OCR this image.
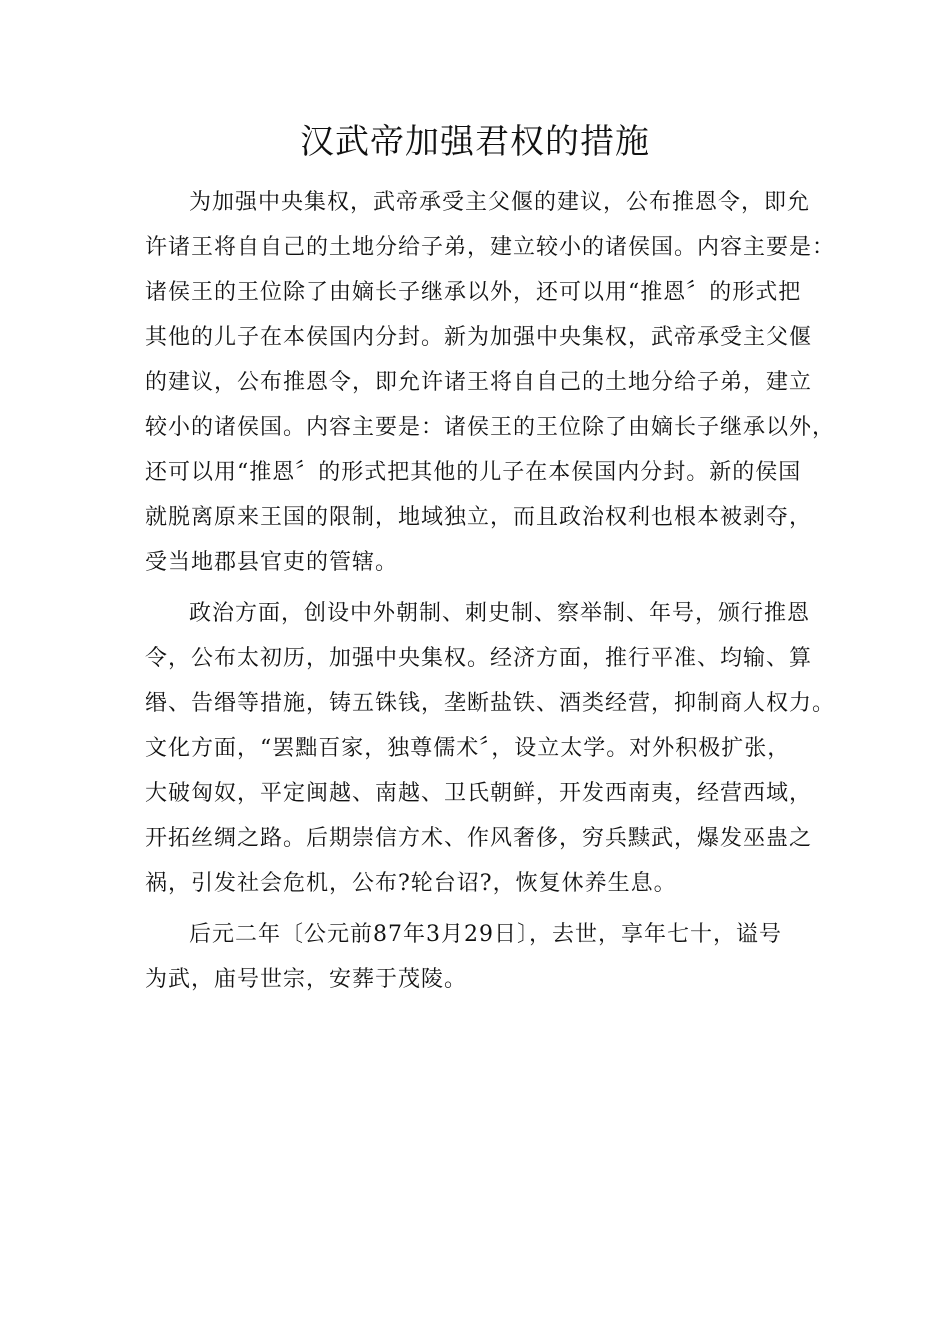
汉武帝加强君权的措施
为加强中央集权，武帝承受主父偃的建议，公布推恩令，即允
许诸王将自自己的土地分给子弟，建立较小的诸侯国。内容主要是：
诸侯王的王位除了由嫡长子继承以外，还可以用“推恩〞的形式把
其他的儿子在本侯国内分封。新为加强中央集权，武帝承受主父偃
的建议，公布推恩令，即允许诸王将自自己的土地分给子弟，建立
较小的诸侯国。内容主要是：诸侯王的王位除了由嫡长子继承以外，
还可以用“推恩〞的形式把其他的儿子在本侯国内分封。新的侯国
就脱离原来王国的限制，地域独立，而且政治权利也根本被剥夺，
受当地郡县官吏的管辖。
政治方面，创设中外朝制、刺史制、察举制、年号，颁行推恩
令，公布太初历，加强中央集权。经济方面，推行平准、均输、算
缗、告缗等措施，铸五铢钱，垄断盐铁、酒类经营，抑制商人权力。
文化方面，“罢黜百家，独尊儒术〞，设立太学。对外积极扩张，
大破匈奴，平定闽越、南越、卫氏朝鲜，开发西南夷，经营西域，
开拓丝绸之路。后期崇信方术、作风奢侈，穷兵黩武，爆发巫蛊之
祸，引发社会危机，公布?轮台诏?，恢复休养生息。
后元二年〔公元前87年3月29日〕，去世，享年七十，谥号
为武，庙号世宗，安葬于茂陵。
